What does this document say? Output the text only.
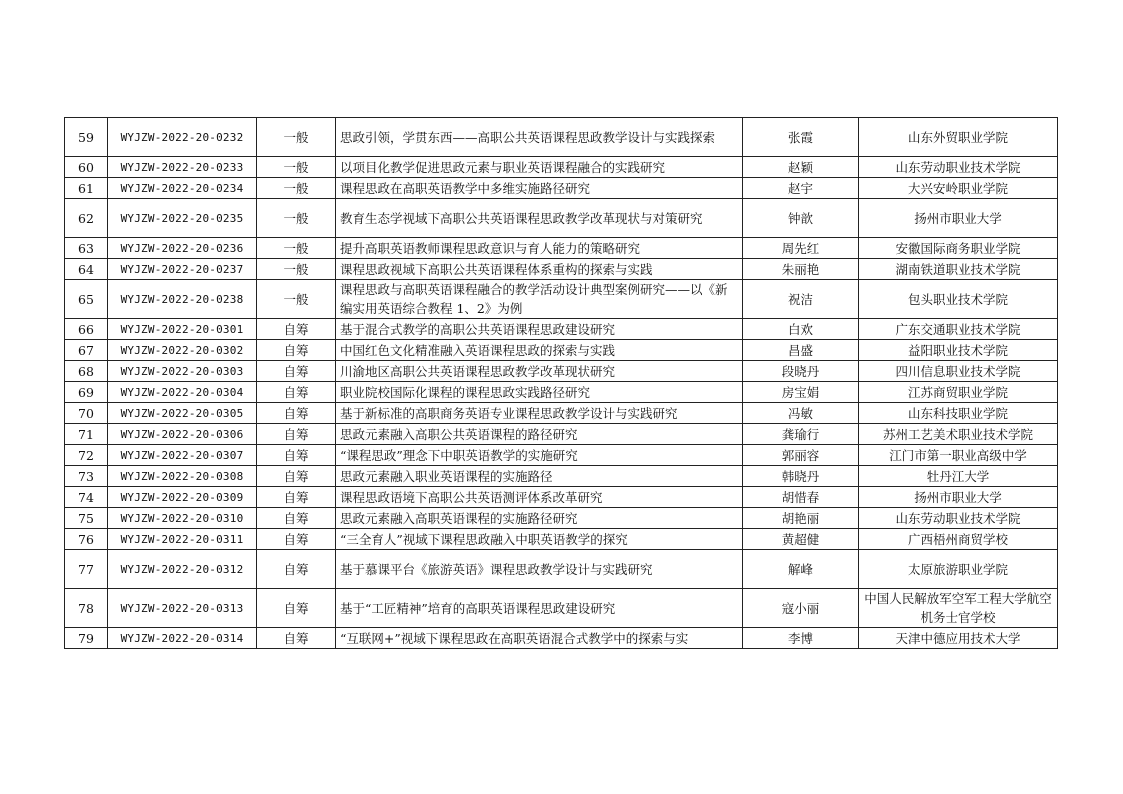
59	WYJZW-2022-20-0232	一般	思政引领，学贯东西——高职公共英语课程思政教学设计与实践探索	张霞	山东外贸职业学院
60	WYJZW-2022-20-0233	一般	以项目化教学促进思政元素与职业英语课程融合的实践研究	赵颖	山东劳动职业技术学院
61	WYJZW-2022-20-0234	一般	课程思政在高职英语教学中多维实施路径研究	赵宇	大兴安岭职业学院
62	WYJZW-2022-20-0235	一般	教育生态学视域下高职公共英语课程思政教学改革现状与对策研究	钟歆	扬州市职业大学
63	WYJZW-2022-20-0236	一般	提升高职英语教师课程思政意识与育人能力的策略研究	周先红	安徽国际商务职业学院
64	WYJZW-2022-20-0237	一般	课程思政视域下高职公共英语课程体系重构的探索与实践	朱丽艳	湖南铁道职业技术学院
65	WYJZW-2022-20-0238	一般	课程思政与高职英语课程融合的教学活动设计典型案例研究——以《新编实用英语综合教程 1、2》为例	祝洁	包头职业技术学院
66	WYJZW-2022-20-0301	自筹	基于混合式教学的高职公共英语课程思政建设研究	白欢	广东交通职业技术学院
67	WYJZW-2022-20-0302	自筹	中国红色文化精准融入英语课程思政的探索与实践	昌盛	益阳职业技术学院
68	WYJZW-2022-20-0303	自筹	川渝地区高职公共英语课程思政教学改革现状研究	段晓丹	四川信息职业技术学院
69	WYJZW-2022-20-0304	自筹	职业院校国际化课程的课程思政实践路径研究	房宝娟	江苏商贸职业学院
70	WYJZW-2022-20-0305	自筹	基于新标准的高职商务英语专业课程思政教学设计与实践研究	冯敏	山东科技职业学院
71	WYJZW-2022-20-0306	自筹	思政元素融入高职公共英语课程的路径研究	龚瑜行	苏州工艺美术职业技术学院
72	WYJZW-2022-20-0307	自筹	“课程思政”理念下中职英语教学的实施研究	郭丽容	江门市第一职业高级中学
73	WYJZW-2022-20-0308	自筹	思政元素融入职业英语课程的实施路径	韩晓丹	牡丹江大学
74	WYJZW-2022-20-0309	自筹	课程思政语境下高职公共英语测评体系改革研究	胡惜春	扬州市职业大学
75	WYJZW-2022-20-0310	自筹	思政元素融入高职英语课程的实施路径研究	胡艳丽	山东劳动职业技术学院
76	WYJZW-2022-20-0311	自筹	“三全育人”视域下课程思政融入中职英语教学的探究	黄超健	广西梧州商贸学校
77	WYJZW-2022-20-0312	自筹	基于慕课平台《旅游英语》课程思政教学设计与实践研究	解峰	太原旅游职业学院
78	WYJZW-2022-20-0313	自筹	基于“工匠精神”培育的高职英语课程思政建设研究	寇小丽	中国人民解放军空军工程大学航空机务士官学校
79	WYJZW-2022-20-0314	自筹	“互联网+”视域下课程思政在高职英语混合式教学中的探索与实	李博	天津中德应用技术大学
